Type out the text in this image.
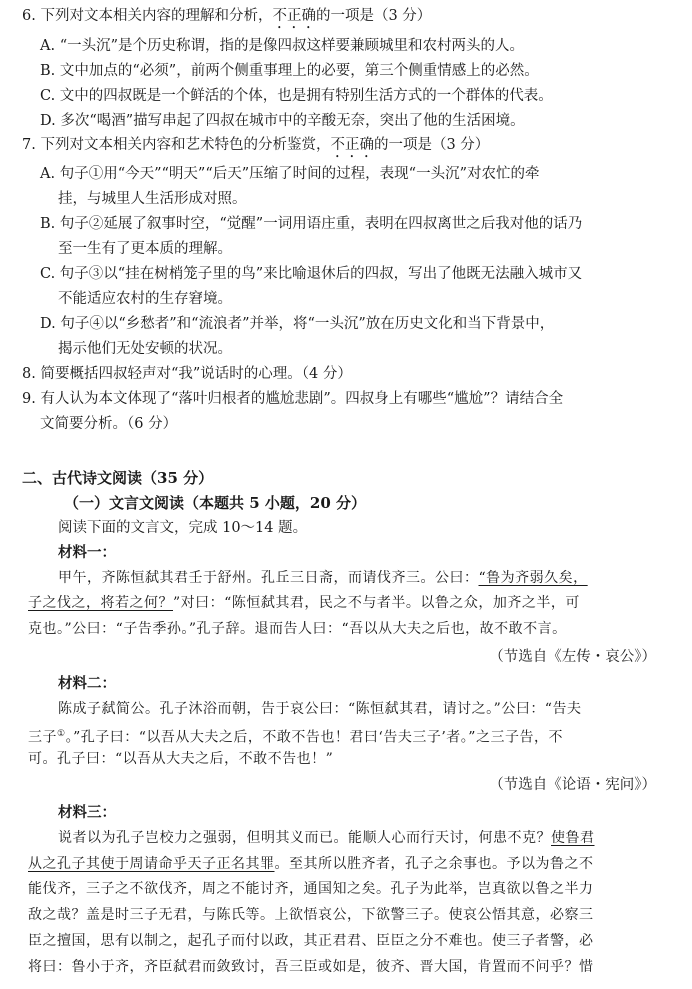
6. 下列对文本相关内容的理解和分析，不正确的一项是（3 分）
A. “一头沉”是个历史称谓，指的是像四叔这样要兼顾城里和农村两头的人。
B. 文中加点的“必须”，前两个侧重事理上的必要，第三个侧重情感上的必然。
C. 文中的四叔既是一个鲜活的个体，也是拥有特别生活方式的一个群体的代表。
D. 多次“喝酒”描写串起了四叔在城市中的辛酸无奈，突出了他的生活困境。
7. 下列对文本相关内容和艺术特色的分析鉴赏，不正确的一项是（3 分）
A. 句子①用“今天”“明天”“后天”压缩了时间的过程，表现“一头沉”对农忙的牵
挂，与城里人生活形成对照。
B. 句子②延展了叙事时空，“觉醒”一词用语庄重，表明在四叔离世之后我对他的话乃
至一生有了更本质的理解。
C. 句子③以“挂在树梢笼子里的鸟”来比喻退休后的四叔，写出了他既无法融入城市又
不能适应农村的生存窘境。
D. 句子④以“乡愁者”和“流浪者”并举，将“一头沉”放在历史文化和当下背景中，
揭示他们无处安顿的状况。
8. 简要概括四叔轻声对“我”说话时的心理。（4 分）
9. 有人认为本文体现了“落叶归根者的尴尬悲剧”。四叔身上有哪些“尴尬”？请结合全
文简要分析。（6 分）
二、古代诗文阅读（35 分）
（一）文言文阅读（本题共 5 小题，20 分）
阅读下面的文言文，完成 10～14 题。
材料一：
甲午，齐陈恒弑其君壬于舒州。孔丘三日斋，而请伐齐三。公曰：“鲁为齐弱久矣，
子之伐之，将若之何？”对曰：“陈恒弑其君，民之不与者半。以鲁之众，加齐之半，可
克也。”公曰：“子告季孙。”孔子辞。退而告人曰：“吾以从大夫之后也，故不敢不言。
（节选自《左传・哀公》）
材料二：
陈成子弑简公。孔子沐浴而朝，告于哀公曰：“陈恒弑其君，请讨之。”公曰：“告夫
三子①。”孔子曰：“以吾从大夫之后，不敢不告也！君曰‘告夫三子’者。”之三子告，不
可。孔子曰：“以吾从大夫之后，不敢不告也！”
（节选自《论语・宪问》）
材料三：
说者以为孔子岂校力之强弱，但明其义而已。能顺人心而行天讨，何患不克？使鲁君
从之孔子其使于周请命乎天子正名其罪。至其所以胜齐者，孔子之余事也。予以为鲁之不
能伐齐，三子之不欲伐齐，周之不能讨齐，通国知之矣。孔子为此举，岂真欲以鲁之半力
敌之哉？盖是时三子无君，与陈氏等。上欲悟哀公，下欲警三子。使哀公悟其意，必察三
臣之擅国，思有以制之，起孔子而付以政，其正君君、臣臣之分不难也。使三子者警，必
将曰：鲁小于齐，齐臣弑君而敛致讨，吾三臣或如是，彼齐、晋大国，肯置而不问乎？惜
